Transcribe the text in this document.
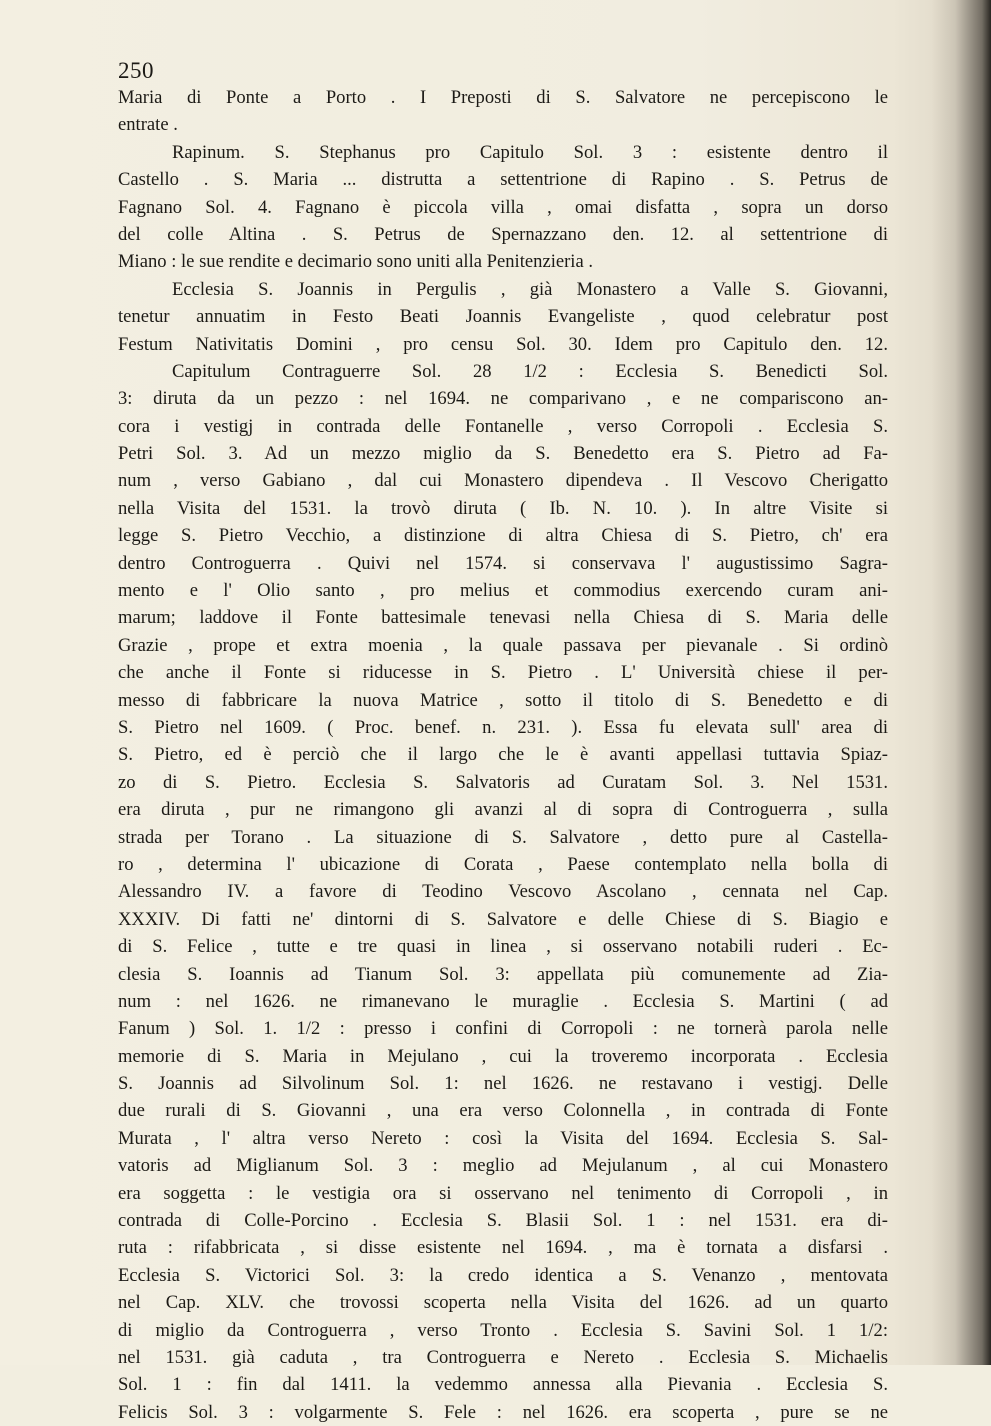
250
Maria di Ponte a Porto . I Preposti di S. Salvatore ne percepiscono le
entrate .
Rapinum. S. Stephanus pro Capitulo Sol. 3 : esistente dentro il
Castello . S. Maria ... distrutta a settentrione di Rapino . S. Petrus de
Fagnano Sol. 4. Fagnano è piccola villa , omai disfatta , sopra un dorso
del colle Altina . S. Petrus de Spernazzano den. 12. al settentrione di
Miano : le sue rendite e decimario sono uniti alla Penitenzieria .
Ecclesia S. Joannis in Pergulis , già Monastero a Valle S. Giovanni,
tenetur annuatim in Festo Beati Joannis Evangeliste , quod celebratur post
Festum Nativitatis Domini , pro censu Sol. 30. Idem pro Capitulo den. 12.
Capitulum Contraguerre Sol. 28 1/2 : Ecclesia S. Benedicti Sol.
3: diruta da un pezzo : nel 1694. ne comparivano , e ne compariscono an-
cora i vestigj in contrada delle Fontanelle , verso Corropoli . Ecclesia S.
Petri Sol. 3. Ad un mezzo miglio da S. Benedetto era S. Pietro ad Fa-
num , verso Gabiano , dal cui Monastero dipendeva . Il Vescovo Cherigatto
nella Visita del 1531. la trovò diruta ( Ib. N. 10. ). In altre Visite si
legge S. Pietro Vecchio, a distinzione di altra Chiesa di S. Pietro, ch' era
dentro Controguerra . Quivi nel 1574. si conservava l' augustissimo Sagra-
mento e l' Olio santo , pro melius et commodius exercendo curam ani-
marum; laddove il Fonte battesimale tenevasi nella Chiesa di S. Maria delle
Grazie , prope et extra moenia , la quale passava per pievanale . Si ordinò
che anche il Fonte si riducesse in S. Pietro . L' Università chiese il per-
messo di fabbricare la nuova Matrice , sotto il titolo di S. Benedetto e di
S. Pietro nel 1609. ( Proc. benef. n. 231. ). Essa fu elevata sull' area di
S. Pietro, ed è perciò che il largo che le è avanti appellasi tuttavia Spiaz-
zo di S. Pietro. Ecclesia S. Salvatoris ad Curatam Sol. 3. Nel 1531.
era diruta , pur ne rimangono gli avanzi al di sopra di Controguerra , sulla
strada per Torano . La situazione di S. Salvatore , detto pure al Castella-
ro , determina l' ubicazione di Corata , Paese contemplato nella bolla di
Alessandro IV. a favore di Teodino Vescovo Ascolano , cennata nel Cap.
XXXIV. Di fatti ne' dintorni di S. Salvatore e delle Chiese di S. Biagio e
di S. Felice , tutte e tre quasi in linea , si osservano notabili ruderi . Ec-
clesia S. Ioannis ad Tianum Sol. 3: appellata più comunemente ad Zia-
num : nel 1626. ne rimanevano le muraglie . Ecclesia S. Martini ( ad
Fanum ) Sol. 1. 1/2 : presso i confini di Corropoli : ne tornerà parola nelle
memorie di S. Maria in Mejulano , cui la troveremo incorporata . Ecclesia
S. Joannis ad Silvolinum Sol. 1: nel 1626. ne restavano i vestigj. Delle
due rurali di S. Giovanni , una era verso Colonnella , in contrada di Fonte
Murata , l' altra verso Nereto : così la Visita del 1694. Ecclesia S. Sal-
vatoris ad Miglianum Sol. 3 : meglio ad Mejulanum , al cui Monastero
era soggetta : le vestigia ora si osservano nel tenimento di Corropoli , in
contrada di Colle-Porcino . Ecclesia S. Blasii Sol. 1 : nel 1531. era di-
ruta : rifabbricata , si disse esistente nel 1694. , ma è tornata a disfarsi .
Ecclesia S. Victorici Sol. 3: la credo identica a S. Venanzo , mentovata
nel Cap. XLV. che trovossi scoperta nella Visita del 1626. ad un quarto
di miglio da Controguerra , verso Tronto . Ecclesia S. Savini Sol. 1 1/2:
nel 1531. già caduta , tra Controguerra e Nereto . Ecclesia S. Michaelis
Sol. 1 : fin dal 1411. la vedemmo annessa alla Pievania . Ecclesia S.
Felicis Sol. 3 : volgarmente S. Fele : nel 1626. era scoperta , pure se ne
